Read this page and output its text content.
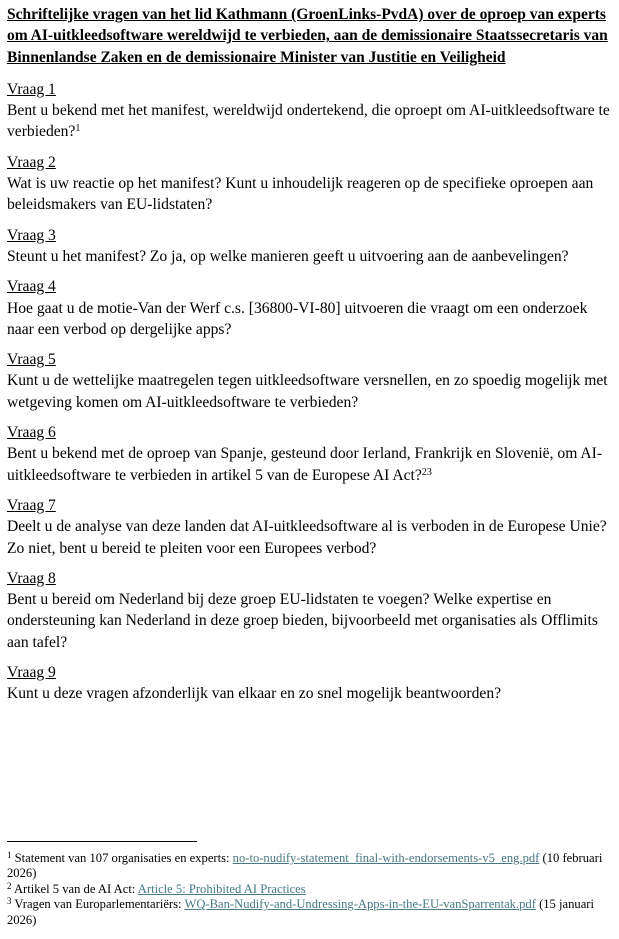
Schriftelijke vragen van het lid Kathmann (GroenLinks-PvdA) over de oproep van experts om AI-uitkleedsoftware wereldwijd te verbieden, aan de demissionaire Staatssecretaris van Binnenlandse Zaken en de demissionaire Minister van Justitie en Veiligheid
Vraag 1
Bent u bekend met het manifest, wereldwijd ondertekend, die oproept om AI-uitkleedsoftware te verbieden?$^1$
Vraag 2
Wat is uw reactie op het manifest? Kunt u inhoudelijk reageren op de specifieke oproepen aan beleidsmakers van EU-lidstaten?
Vraag 3
Steunt u het manifest? Zo ja, op welke manieren geeft u uitvoering aan de aanbevelingen?
Vraag 4
Hoe gaat u de motie-Van der Werf c.s. [36800-VI-80] uitvoeren die vraagt om een onderzoek naar een verbod op dergelijke apps?
Vraag 5
Kunt u de wettelijke maatregelen tegen uitkleedsoftware versnellen, en zo spoedig mogelijk met wetgeving komen om AI-uitkleedsoftware te verbieden?
Vraag 6
Bent u bekend met de oproep van Spanje, gesteund door Ierland, Frankrijk en Slovenië, om AI-uitkleedsoftware te verbieden in artikel 5 van de Europese AI Act?$^{23}$
Vraag 7
Deelt u de analyse van deze landen dat AI-uitkleedsoftware al is verboden in de Europese Unie? Zo niet, bent u bereid te pleiten voor een Europees verbod?
Vraag 8
Bent u bereid om Nederland bij deze groep EU-lidstaten te voegen? Welke expertise en ondersteuning kan Nederland in deze groep bieden, bijvoorbeeld met organisaties als Offlimits aan tafel?
Vraag 9
Kunt u deze vragen afzonderlijk van elkaar en zo snel mogelijk beantwoorden?
$^1$ Statement van 107 organisaties en experts: no-to-nudify-statement_final-with-endorsements-v5_eng.pdf (10 februari 2026)
$^2$ Artikel 5 van de AI Act: Article 5: Prohibited AI Practices
$^3$ Vragen van Europarlementariërs: WQ-Ban-Nudify-and-Undressing-Apps-in-the-EU-vanSparrentak.pdf (15 januari 2026)
